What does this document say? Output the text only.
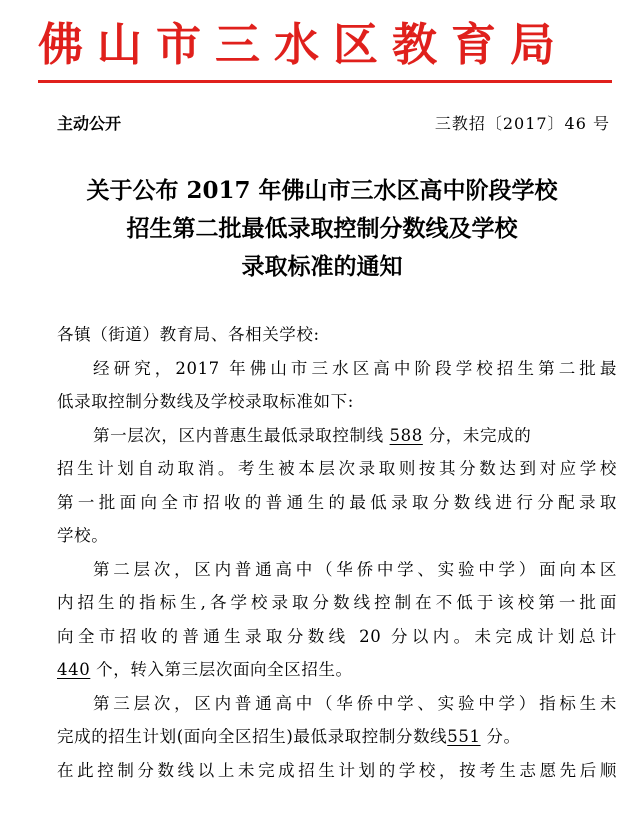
佛山市三水区教育局
主动公开	三教招〔2017〕46 号
关于公布 2017 年佛山市三水区高中阶段学校
招生第二批最低录取控制分数线及学校
录取标准的通知
各镇（街道）教育局、各相关学校:
经研究，2017 年佛山市三水区高中阶段学校招生第二批最
低录取控制分数线及学校录取标准如下:
第一层次，区内普惠生最低录取控制线 588 分，未完成的
招生计划自动取消。考生被本层次录取则按其分数达到对应学校
第一批面向全市招收的普通生的最低录取分数线进行分配录取
学校。
第二层次，区内普通高中（华侨中学、实验中学）面向本区
内招生的指标生,各学校录取分数线控制在不低于该校第一批面
向全市招收的普通生录取分数线 20 分以内。未完成计划总计
440 个，转入第三层次面向全区招生。
第三层次，区内普通高中（华侨中学、实验中学）指标生未
完成的招生计划(面向全区招生)最低录取控制分数线551 分。
在此控制分数线以上未完成招生计划的学校，按考生志愿先后顺
